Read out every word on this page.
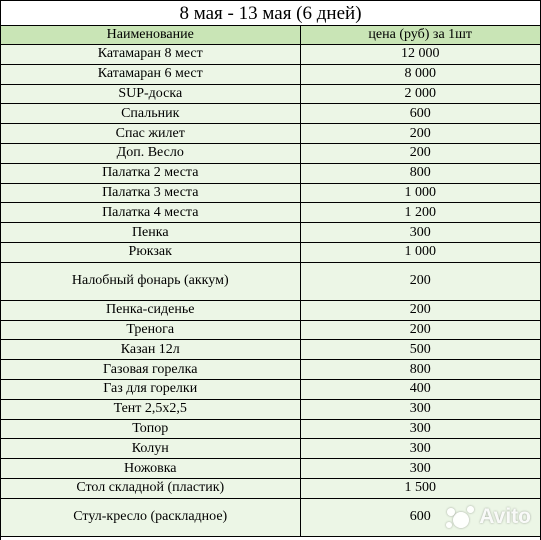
8 мая - 13 мая (6 дней)
Наименование	цена (руб) за 1шт
Катамаран 8 мест	12 000
Катамаран 6 мест	8 000
SUP-доска	2 000
Спальник	600
Спас жилет	200
Доп. Весло	200
Палатка 2 места	800
Палатка 3 места	1 000
Палатка 4 места	1 200
Пенка	300
Рюкзак	1 000
Налобный фонарь (аккум)	200
Пенка-сиденье	200
Тренога	200
Казан 12л	500
Газовая горелка	800
Газ для горелки	400
Тент 2,5х2,5	300
Топор	300
Колун	300
Ножовка	300
Стол складной (пластик)	1 500
Стул-кресло (раскладное)	600 Avito
